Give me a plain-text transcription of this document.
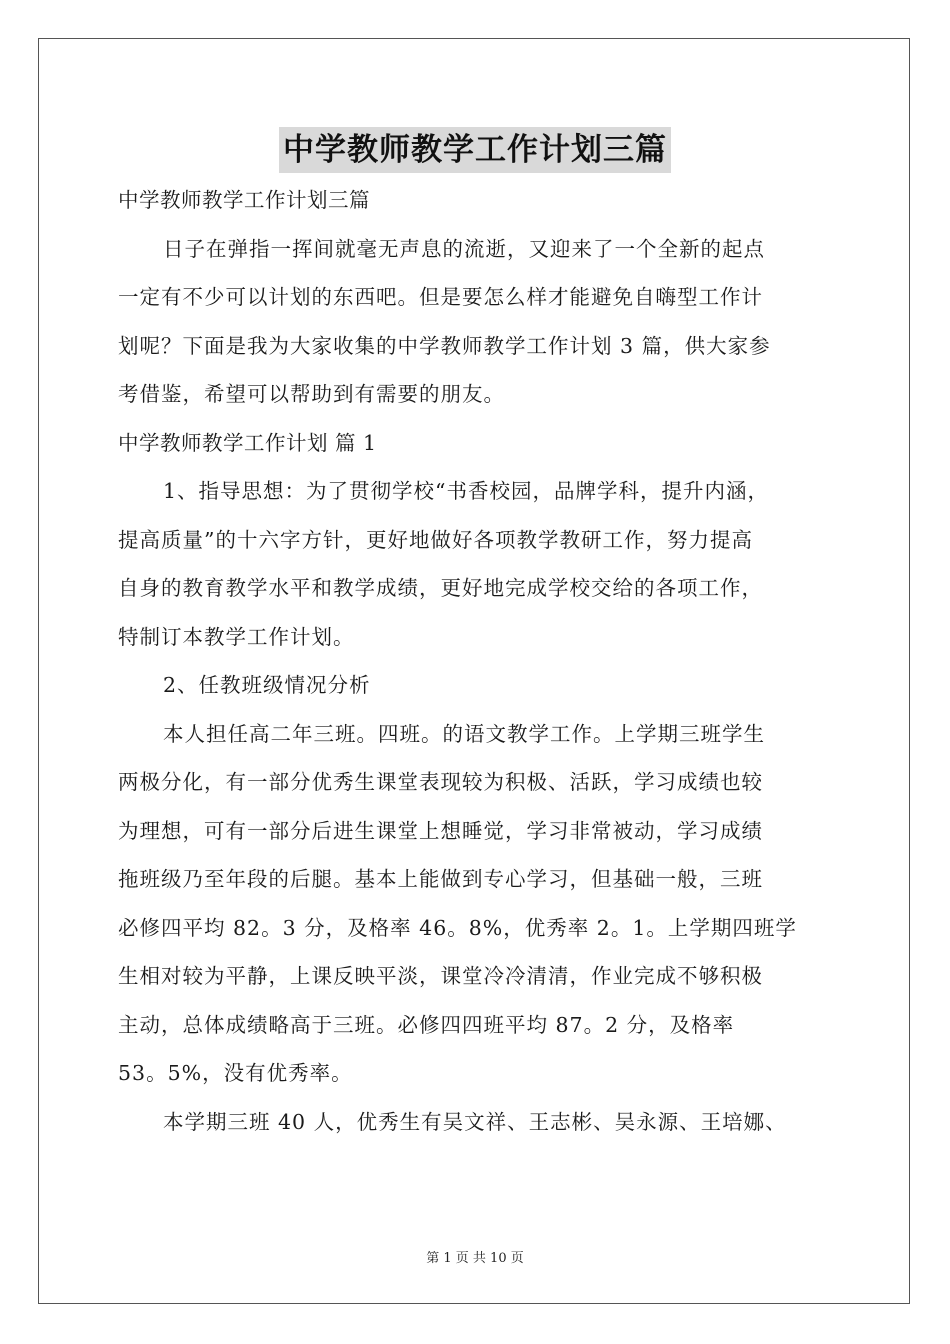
中学教师教学工作计划三篇

中学教师教学工作计划三篇

日子在弹指一挥间就毫无声息的流逝，又迎来了一个全新的起点

一定有不少可以计划的东西吧。但是要怎么样才能避免自嗨型工作计

划呢？下面是我为大家收集的中学教师教学工作计划 3 篇，供大家参

考借鉴，希望可以帮助到有需要的朋友。

中学教师教学工作计划 篇 1

1、指导思想：为了贯彻学校“书香校园，品牌学科，提升内涵，

提高质量”的十六字方针，更好地做好各项教学教研工作，努力提高

自身的教育教学水平和教学成绩，更好地完成学校交给的各项工作，

特制订本教学工作计划。

2、任教班级情况分析

本人担任高二年三班。四班。的语文教学工作。上学期三班学生

两极分化，有一部分优秀生课堂表现较为积极、活跃，学习成绩也较

为理想，可有一部分后进生课堂上想睡觉，学习非常被动，学习成绩

拖班级乃至年段的后腿。基本上能做到专心学习，但基础一般，三班

必修四平均 82。3 分，及格率 46。8%，优秀率 2。1。上学期四班学

生相对较为平静，上课反映平淡，课堂冷冷清清，作业完成不够积极

主动，总体成绩略高于三班。必修四四班平均 87。2 分，及格率

53。5%，没有优秀率。

本学期三班 40 人，优秀生有吴文祥、王志彬、吴永源、王培娜、

第 1 页 共 10 页
